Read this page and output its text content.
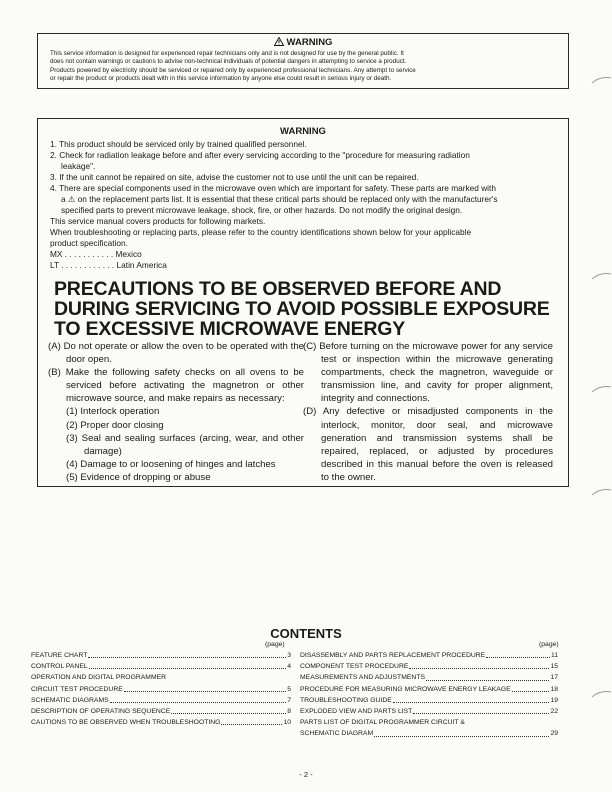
WARNING
This service information is designed for experienced repair technicians only and is not designed for use by the general public. It
does not contain warnings or cautions to advise non-technical individuals of potential dangers in attempting to service a product.
Products powered by electricity should be serviced or repaired only by experienced professional technicians. Any attempt to service
or repair the product or products dealt with in this service information by anyone else could result in serious injury or death.
WARNING
1. This product should be serviced only by trained qualified personnel.
2. Check for radiation leakage before and after every servicing according to the "procedure for measuring radiation
leakage".
3. If the unit cannot be repaired on site, advise the customer not to use until the unit can be repaired.
4. There are special components used in the microwave oven which are important for safety. These parts are marked with
a ⚠ on the replacement parts list. It is essential that these critical parts should be replaced only with the manufacturer's
specified parts to prevent microwave leakage, shock, fire, or other hazards. Do not modify the original design.
This service manual covers products for following markets.
When troubleshooting or replacing parts, please refer to the country identifications shown below for your applicable
product specification.
MX . . . . . . . . . . . Mexico
LT . . . . . . . . . . . . Latin America
PRECAUTIONS TO BE OBSERVED BEFORE AND
DURING SERVICING TO AVOID POSSIBLE EXPOSURE
TO EXCESSIVE MICROWAVE ENERGY
(A) Do not operate or allow the oven to be operated with the door open.
(B) Make the following safety checks on all ovens to be serviced before activating the magnetron or other microwave source, and make repairs as necessary:
(1) Interlock operation
(2) Proper door closing
(3) Seal and sealing surfaces (arcing, wear, and other damage)
(4) Damage to or loosening of hinges and latches
(5) Evidence of dropping or abuse
(C) Before turning on the microwave power for any service test or inspection within the microwave generating compartments, check the magnetron, waveguide or transmission line, and cavity for proper alignment, integrity and connections.
(D) Any defective or misadjusted components in the interlock, monitor, door seal, and microwave generation and transmission systems shall be repaired, replaced, or adjusted by procedures described in this manual before the oven is released to the owner.
CONTENTS
(page)	(page)
FEATURE CHART	3
CONTROL PANEL	4
OPERATION AND DIGITAL PROGRAMMER
CIRCUIT TEST PROCEDURE	5
SCHEMATIC DIAGRAMS	7
DESCRIPTION OF OPERATING SEQUENCE	8
CAUTIONS TO BE OBSERVED WHEN TROUBLESHOOTING	10
DISASSEMBLY AND PARTS REPLACEMENT PROCEDURE	11
COMPONENT TEST PROCEDURE	15
MEASUREMENTS AND ADJUSTMENTS	17
PROCEDURE FOR MEASURING MICROWAVE ENERGY LEAKAGE	18
TROUBLESHOOTING GUIDE	19
EXPLODED VIEW AND PARTS LIST	22
PARTS LIST OF DIGITAL PROGRAMMER CIRCUIT &
SCHEMATIC DIAGRAM	29
- 2 -
